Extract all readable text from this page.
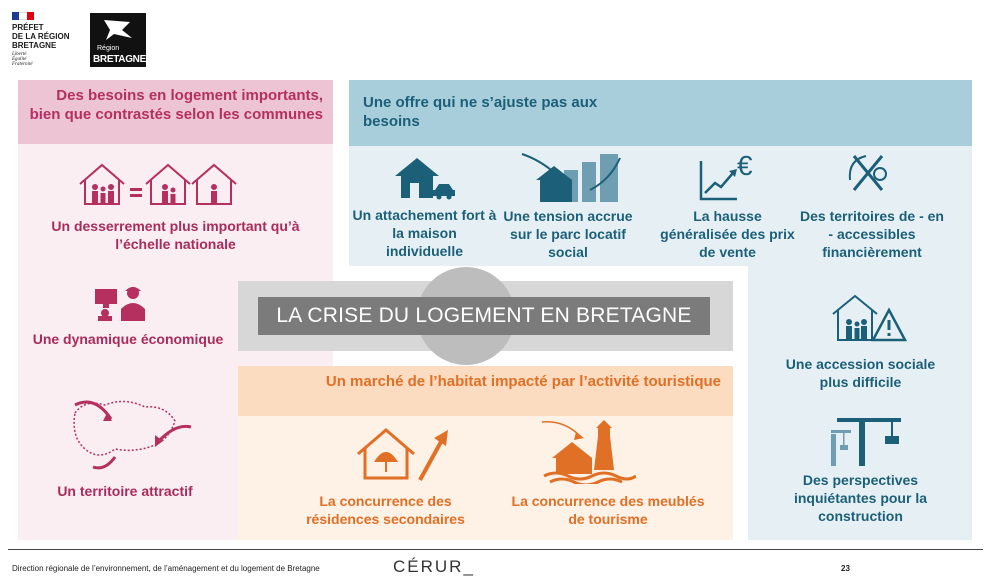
PRÉFET
DE LA RÉGION
BRETAGNE
Liberté
Égalité
Fraternité
Région
BRETAGNE
Des besoins en logement importants, bien que contrastés selon les communes
Une offre qui ne s’ajuste pas aux besoins
Un marché de l’habitat impacté par l’activité touristique
LA CRISE DU LOGEMENT EN BRETAGNE
Un desserrement plus important qu’à l’échelle nationale
Une dynamique économique
Un territoire attractif
Un attachement fort à la maison individuelle
Une tension accrue sur le parc locatif social
€
La hausse généralisée des prix de vente
Des territoires de - en - accessibles financièrement
Une accession sociale plus difficile
Des perspectives inquiétantes pour la construction
La concurrence des résidences secondaires
La concurrence des meublés de tourisme
Direction régionale de l’environnement, de l’aménagement et du logement de Bretagne	CÉRUR_	23
